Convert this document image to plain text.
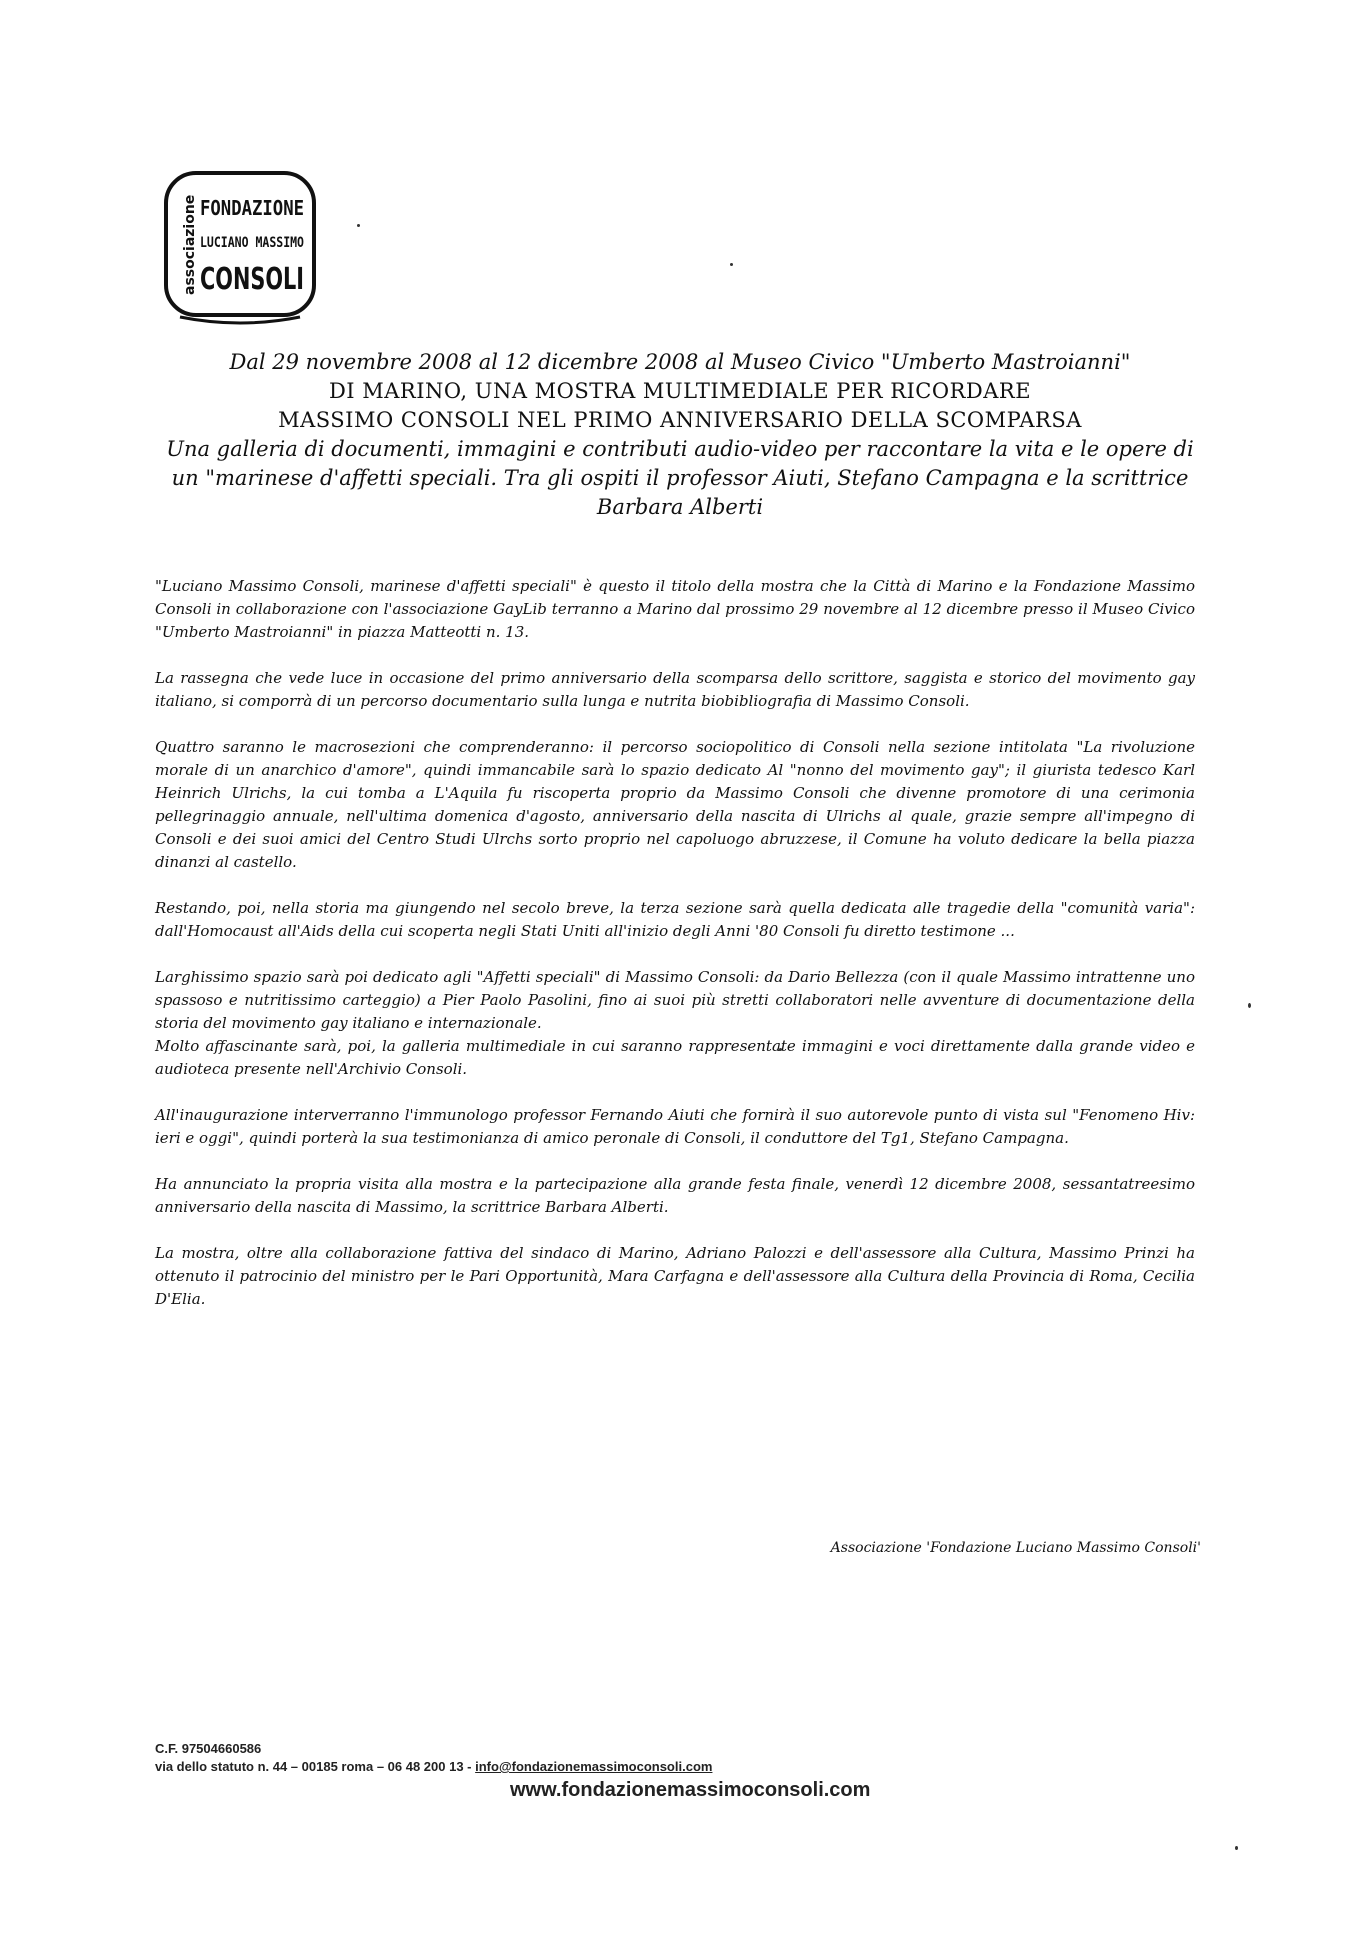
associazione FONDAZIONE
LUCIANO MASSIMO
CONSOLI
Dal 29 novembre 2008 al 12 dicembre 2008 al Museo Civico "Umberto Mastroianni"
DI MARINO, UNA MOSTRA MULTIMEDIALE PER RICORDARE
MASSIMO CONSOLI NEL PRIMO ANNIVERSARIO DELLA SCOMPARSA
Una galleria di documenti, immagini e contributi audio-video per raccontare la vita e le opere di un "marinese d'affetti speciali. Tra gli ospiti il professor Aiuti, Stefano Campagna e la scrittrice Barbara Alberti

"Luciano Massimo Consoli, marinese d'affetti speciali" è questo il titolo della mostra che la Città di Marino e la Fondazione Massimo Consoli in collaborazione con l'associazione GayLib terranno a Marino dal prossimo 29 novembre al 12 dicembre presso il Museo Civico "Umberto Mastroianni" in piazza Matteotti n. 13.

La rassegna che vede luce in occasione del primo anniversario della scomparsa dello scrittore, saggista e storico del movimento gay italiano, si comporrà di un percorso documentario sulla lunga e nutrita biobibliografia di Massimo Consoli.

Quattro saranno le macrosezioni che comprenderanno: il percorso sociopolitico di Consoli nella sezione intitolata "La rivoluzione morale di un anarchico d'amore", quindi immancabile sarà lo spazio dedicato Al "nonno del movimento gay"; il giurista tedesco Karl Heinrich Ulrichs, la cui tomba a L'Aquila fu riscoperta proprio da Massimo Consoli che divenne promotore di una cerimonia pellegrinaggio annuale, nell'ultima domenica d'agosto, anniversario della nascita di Ulrichs al quale, grazie sempre all'impegno di Consoli e dei suoi amici del Centro Studi Ulrchs sorto proprio nel capoluogo abruzzese, il Comune ha voluto dedicare la bella piazza dinanzi al castello.

Restando, poi, nella storia ma giungendo nel secolo breve, la terza sezione sarà quella dedicata alle tragedie della "comunità varia": dall'Homocaust all'Aids della cui scoperta negli Stati Uniti all'inizio degli Anni '80 Consoli fu diretto testimone ...

Larghissimo spazio sarà poi dedicato agli "Affetti speciali" di Massimo Consoli: da Dario Bellezza (con il quale Massimo intrattenne uno spassoso e nutritissimo carteggio) a Pier Paolo Pasolini, fino ai suoi più stretti collaboratori nelle avventure di documentazione della storia del movimento gay italiano e internazionale.

Molto affascinante sarà, poi, la galleria multimediale in cui saranno rappresentate immagini e voci direttamente dalla grande video e audioteca presente nell'Archivio Consoli.

All'inaugurazione interverranno l'immunologo professor Fernando Aiuti che fornirà il suo autorevole punto di vista sul "Fenomeno Hiv: ieri e oggi", quindi porterà la sua testimonianza di amico peronale di Consoli, il conduttore del Tg1, Stefano Campagna.

Ha annunciato la propria visita alla mostra e la partecipazione alla grande festa finale, venerdì 12 dicembre 2008, sessantatreesimo anniversario della nascita di Massimo, la scrittrice Barbara Alberti.

La mostra, oltre alla collaborazione fattiva del sindaco di Marino, Adriano Palozzi e dell'assessore alla Cultura, Massimo Prinzi ha ottenuto il patrocinio del ministro per le Pari Opportunità, Mara Carfagna e dell'assessore alla Cultura della Provincia di Roma, Cecilia D'Elia.

Associazione 'Fondazione Luciano Massimo Consoli'
C.F. 97504660586
via dello statuto n. 44 – 00185 roma – 06 48 200 13 - info@fondazionemassimoconsoli.com
www.fondazionemassimoconsoli.com
